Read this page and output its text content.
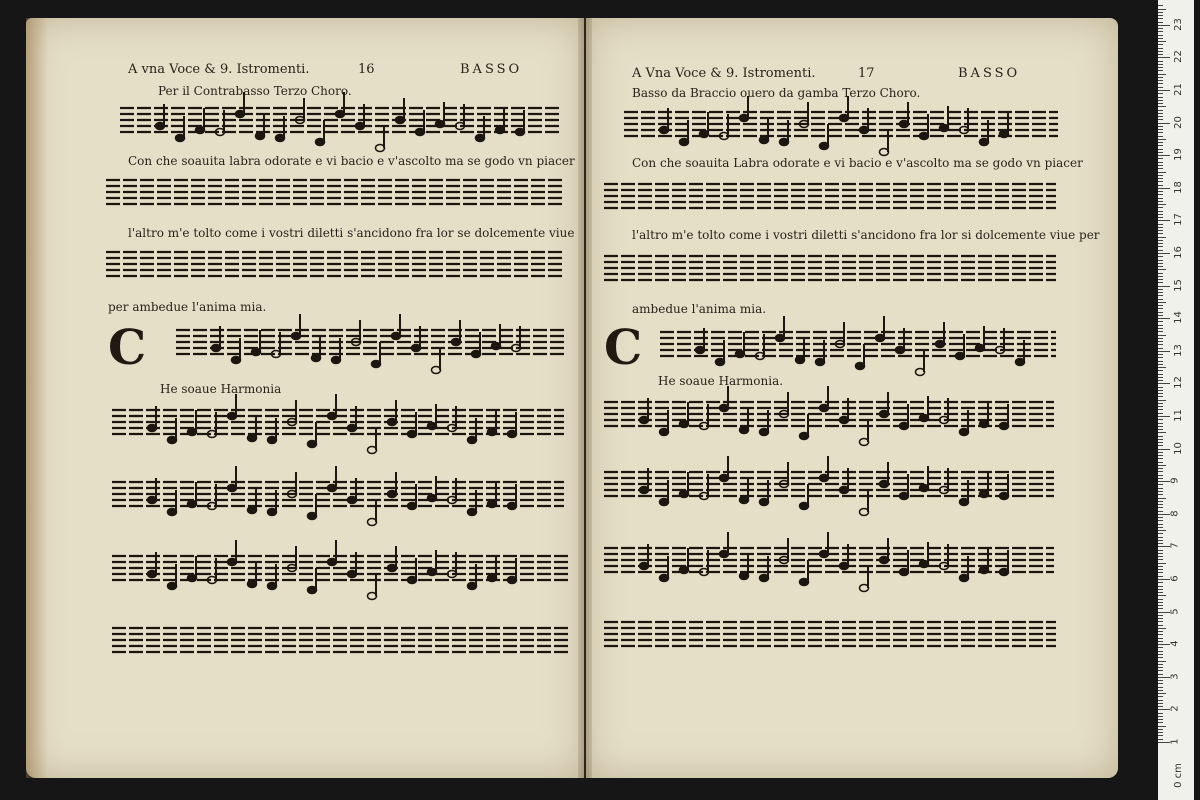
A vna Voce & 9. Istromenti.	16	BASSO
Per il Contrabasso Terzo Choro.
Con che soauita labra odorate e vi bacio e v'ascolto ma se godo vn piacer
l'altro m'e tolto come i vostri diletti s'ancidono fra lor se dolcemente viue
per ambedue l'anima mia.
C
He soaue Harmonia
A Vna Voce & 9. Istromenti.	17	BASSO
Basso da Braccio ouero da gamba Terzo Choro.
Con che soauita Labra odorate e vi bacio e v'ascolto ma se godo vn piacer
l'altro m'e tolto come i vostri diletti s'ancidono fra lor si dolcemente viue per
ambedue l'anima mia.
C
He soaue Harmonia.
0 cm
1
2
3
4
5
6
7
8
9
10
11
12
13
14
15
16
17
18
19
20
21
22
23
